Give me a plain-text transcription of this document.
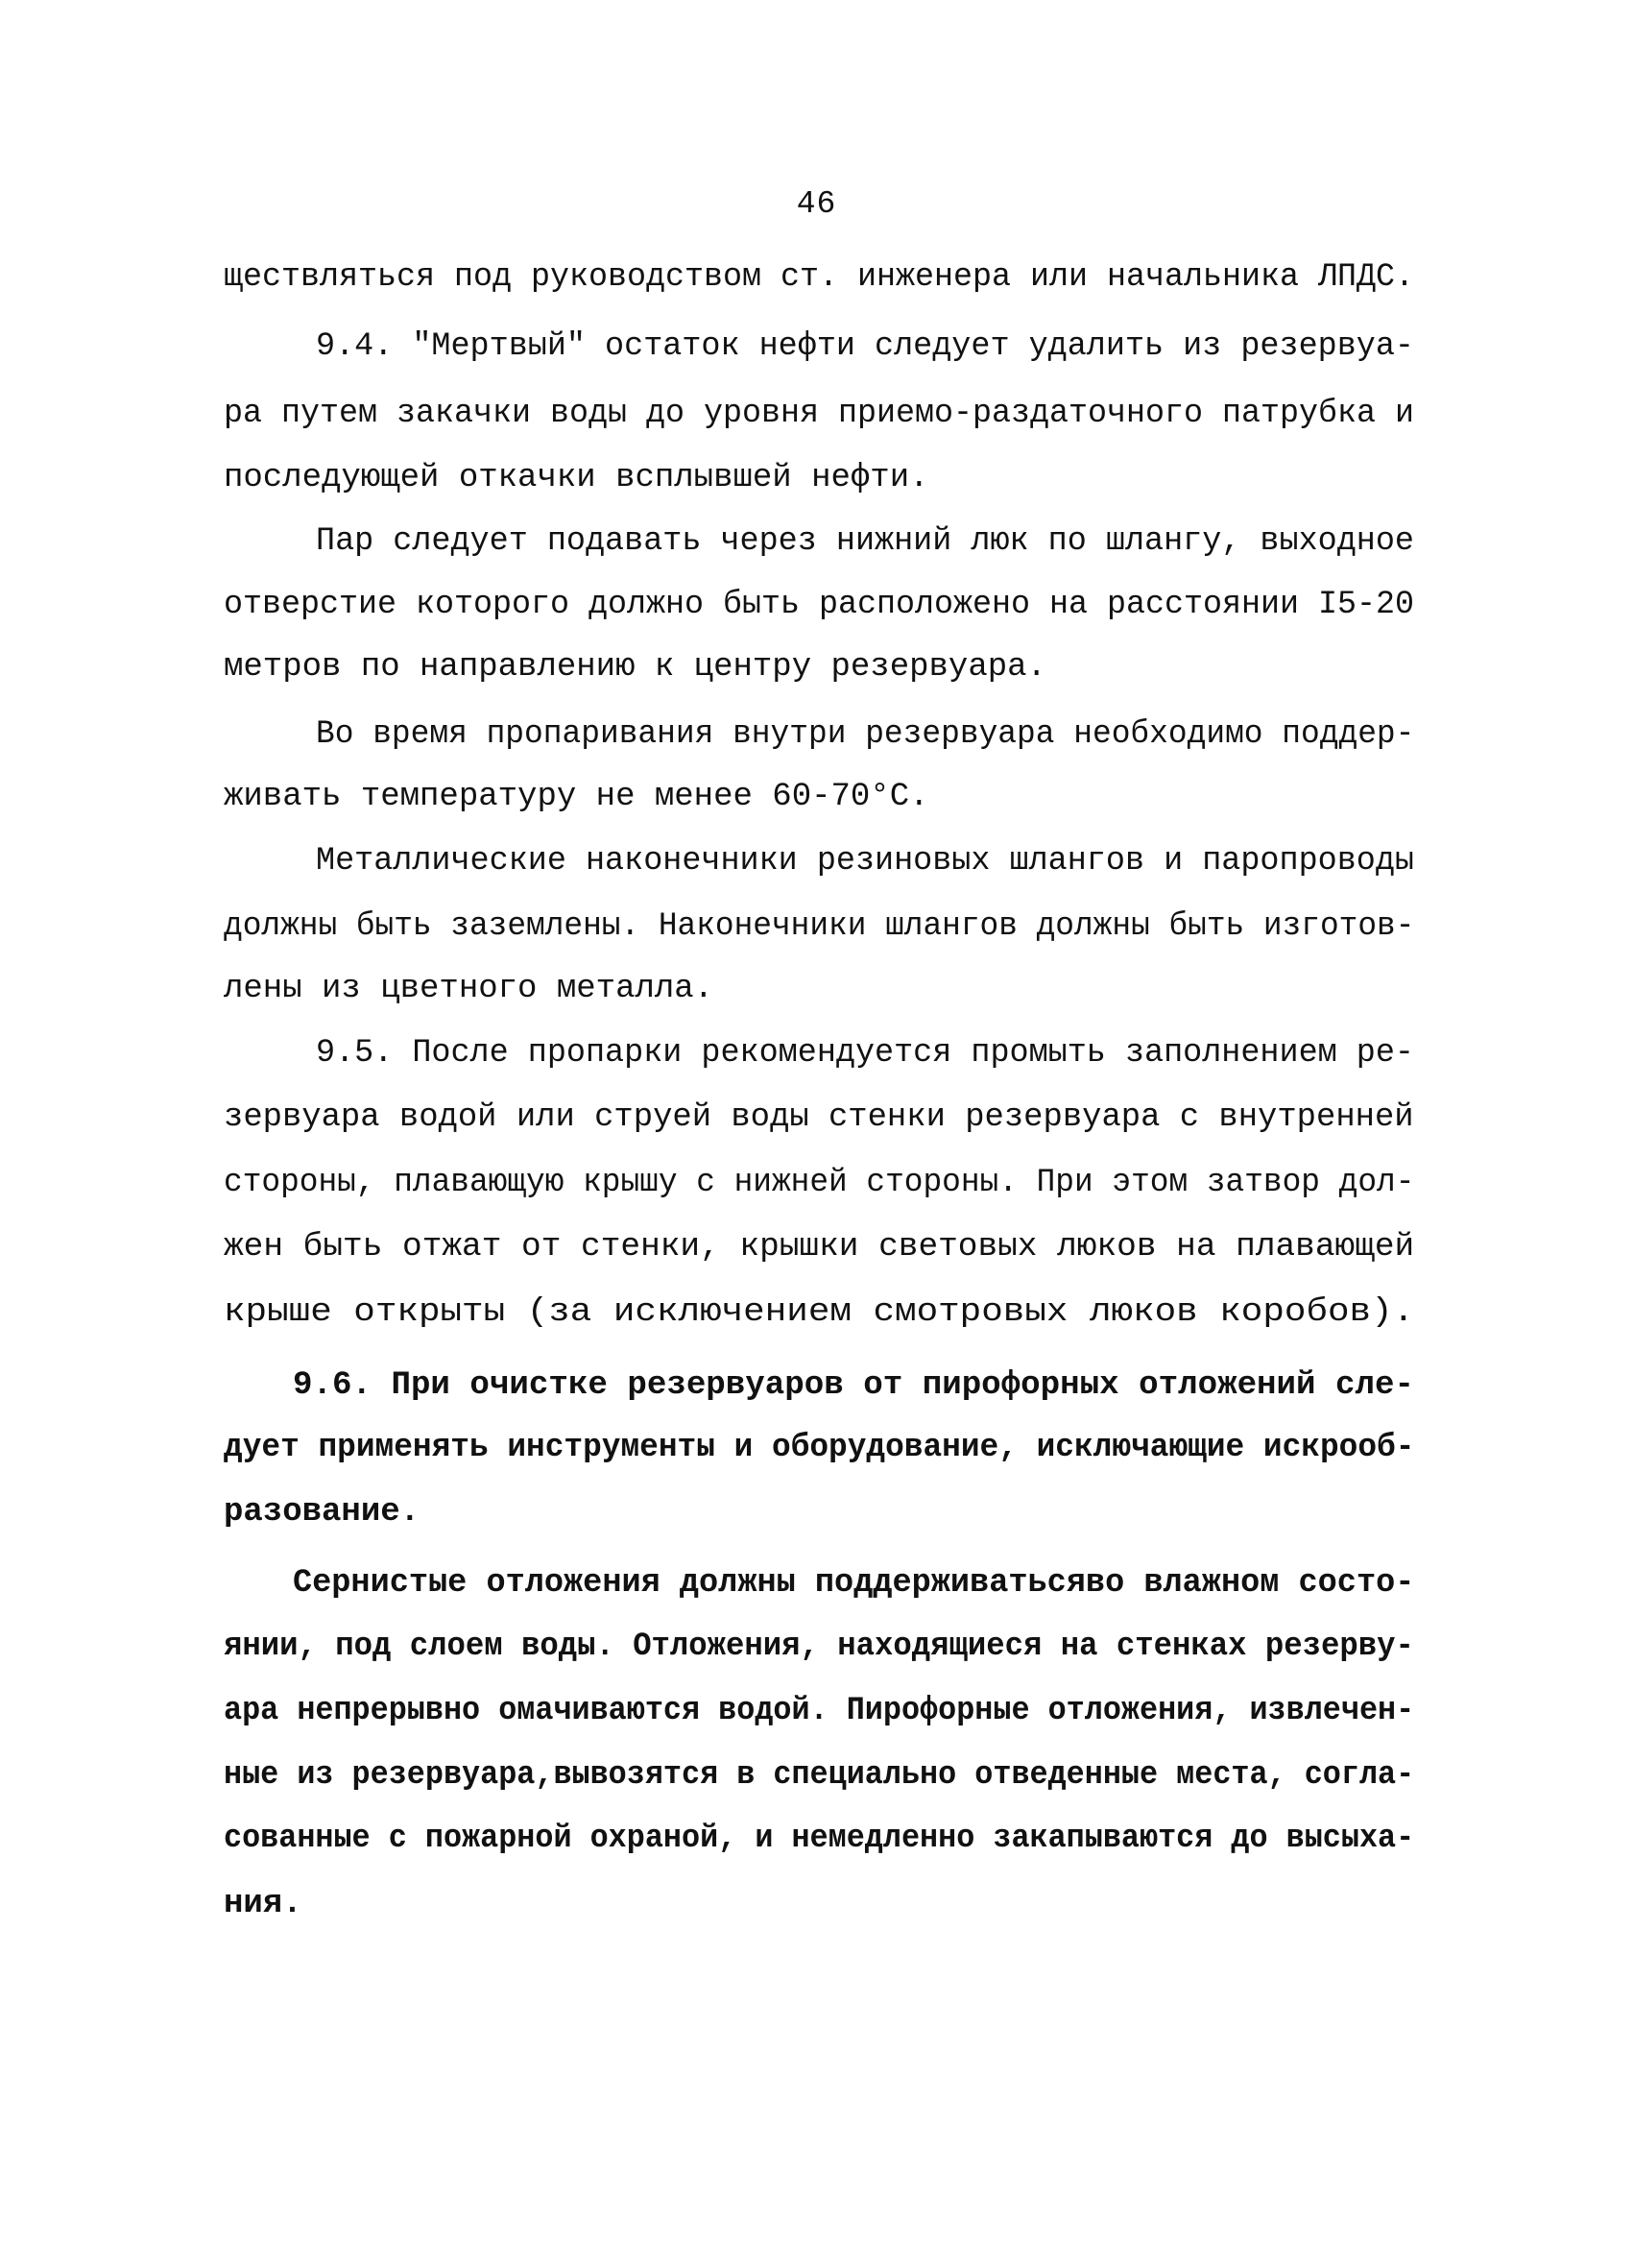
46
ществляться под руководством ст. инженера или начальника ЛПДС.
9.4. "Мертвый" остаток нефти следует удалить из резервуа-
ра путем закачки воды до уровня приемо-раздаточного патрубка и
последующей откачки всплывшей нефти.
Пар следует подавать через нижний люк по шлангу, выходное
отверстие которого должно быть расположено на расстоянии I5-20
метров по направлению к центру резервуара.
Во время пропаривания внутри резервуара необходимо поддер-
живать температуру не менее 60-70°С.
Металлические наконечники резиновых шлангов и паропроводы
должны быть заземлены. Наконечники шлангов должны быть изготов-
лены из цветного металла.
9.5. После пропарки рекомендуется промыть заполнением ре-
зервуара водой или струей воды стенки резервуара с внутренней
стороны, плавающую крышу с нижней стороны. При этом затвор дол-
жен быть отжат от стенки, крышки световых люков на плавающей
крыше открыты (за исключением смотровых люков коробов).
9.6. При очистке резервуаров от пирофорных отложений сле-
дует применять инструменты и оборудование, исключающие искрооб-
разование.
Сернистые отложения должны поддерживатьсяво влажном состо-
янии, под слоем воды. Отложения, находящиеся на стенках резерву-
ара непрерывно омачиваются водой. Пирофорные отложения, извлечен-
ные из резервуара,вывозятся в специально отведенные места, согла-
сованные с пожарной охраной, и немедленно закапываются до высыха-
ния.
